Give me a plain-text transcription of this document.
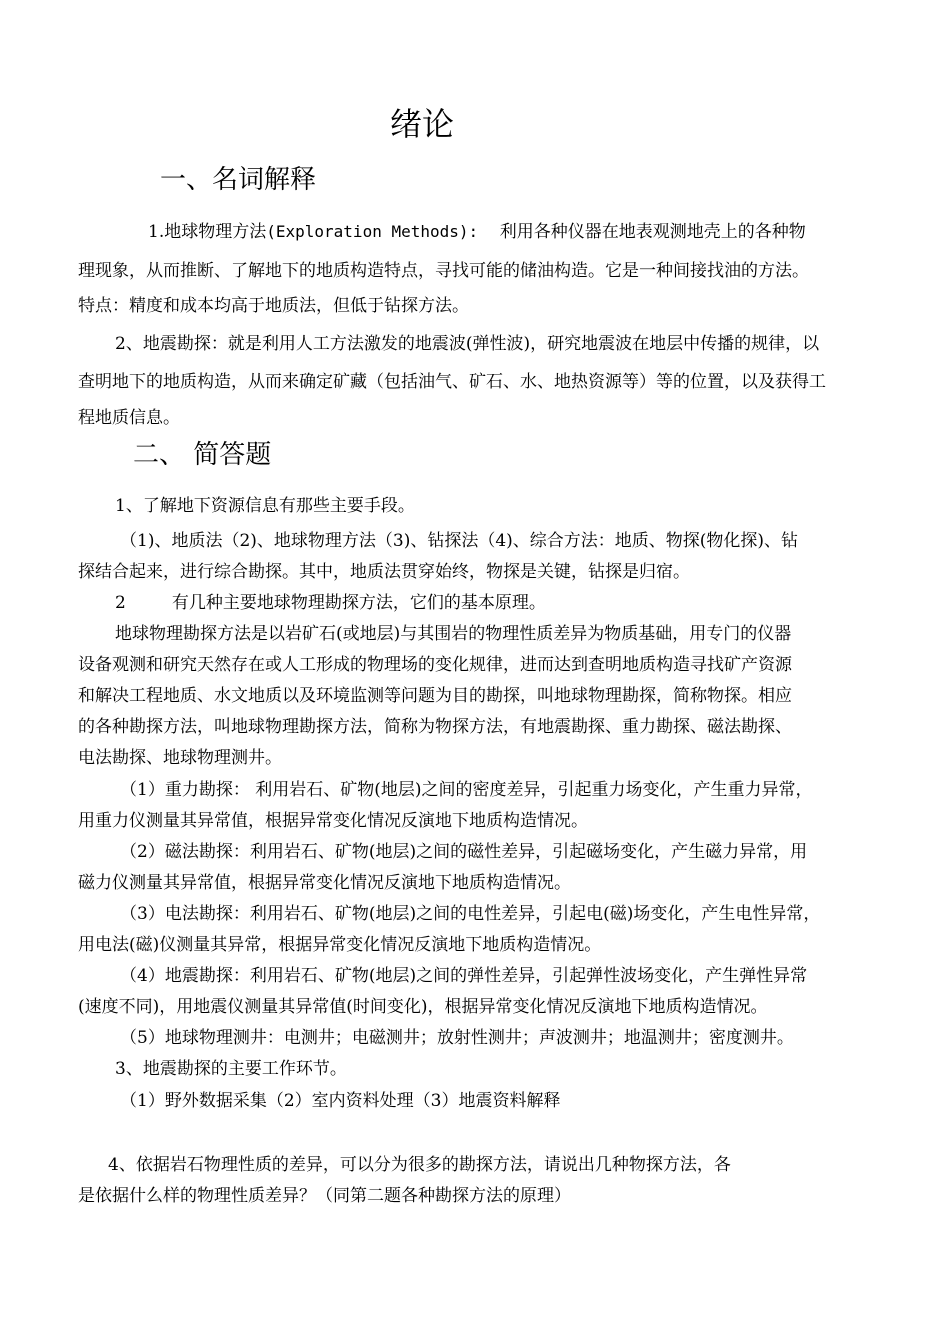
绪论
一、名词解释
1.地球物理方法(Exploration Methods): 利用各种仪器在地表观测地壳上的各种物
理现象，从而推断、了解地下的地质构造特点，寻找可能的储油构造。它是一种间接找油的方法。
特点：精度和成本均高于地质法，但低于钻探方法。
2、地震勘探：就是利用人工方法激发的地震波(弹性波)，研究地震波在地层中传播的规律，以
查明地下的地质构造，从而来确定矿藏（包括油气、矿石、水、地热资源等）等的位置，以及获得工
程地质信息。
二、 简答题
1、了解地下资源信息有那些主要手段。
（1)、地质法（2)、地球物理方法（3)、钻探法（4)、综合方法：地质、物探(物化探)、钻
探结合起来，进行综合勘探。其中，地质法贯穿始终，物探是关键，钻探是归宿。
2	有几种主要地球物理勘探方法，它们的基本原理。
地球物理勘探方法是以岩矿石(或地层)与其围岩的物理性质差异为物质基础，用专门的仪器
设备观测和研究天然存在或人工形成的物理场的变化规律，进而达到查明地质构造寻找矿产资源
和解决工程地质、水文地质以及环境监测等问题为目的勘探，叫地球物理勘探，简称物探。相应
的各种勘探方法，叫地球物理勘探方法，简称为物探方法，有地震勘探、重力勘探、磁法勘探、
电法勘探、地球物理测井。
（1）重力勘探： 利用岩石、矿物(地层)之间的密度差异，引起重力场变化，产生重力异常，
用重力仪测量其异常值，根据异常变化情况反演地下地质构造情况。
（2）磁法勘探：利用岩石、矿物(地层)之间的磁性差异，引起磁场变化，产生磁力异常，用
磁力仪测量其异常值，根据异常变化情况反演地下地质构造情况。
（3）电法勘探：利用岩石、矿物(地层)之间的电性差异，引起电(磁)场变化，产生电性异常，
用电法(磁)仪测量其异常，根据异常变化情况反演地下地质构造情况。
（4）地震勘探：利用岩石、矿物(地层)之间的弹性差异，引起弹性波场变化，产生弹性异常
(速度不同)，用地震仪测量其异常值(时间变化)，根据异常变化情况反演地下地质构造情况。
（5）地球物理测井：电测井；电磁测井；放射性测井；声波测井；地温测井；密度测井。
3、地震勘探的主要工作环节。
（1）野外数据采集（2）室内资料处理（3）地震资料解释
4、依据岩石物理性质的差异，可以分为很多的勘探方法，请说出几种物探方法，各
是依据什么样的物理性质差异？（同第二题各种勘探方法的原理）
